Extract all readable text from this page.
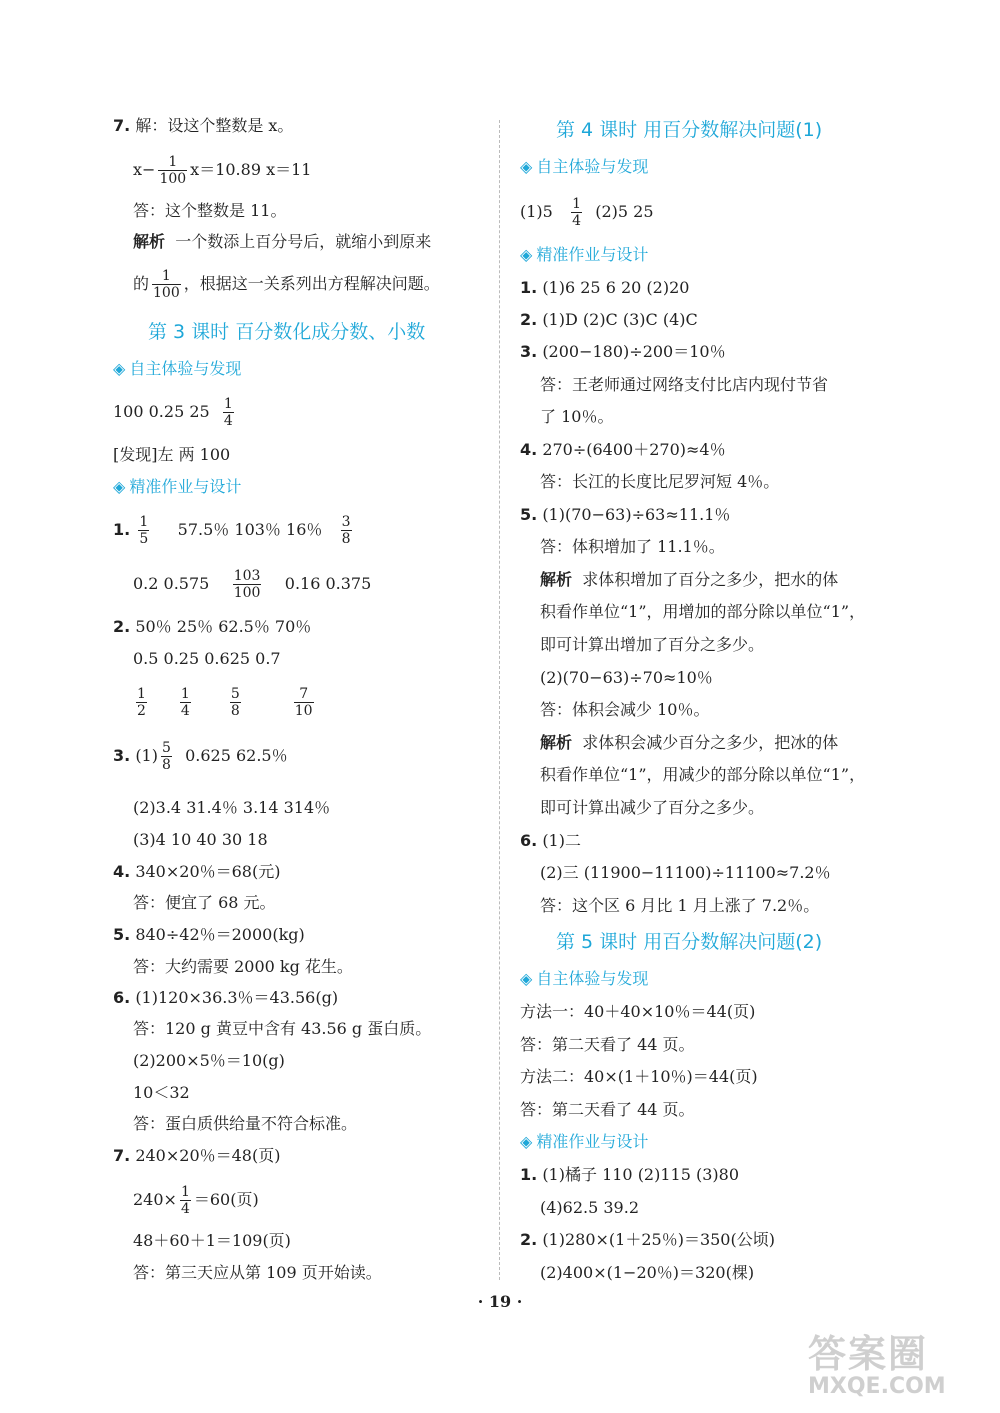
7. 解：设这个整数是 x。
$x- \frac{1}{100} x=10.89$ x＝11
答：这个整数是 11。
解析 一个数添上百分号后，就缩小到原来
的 $\frac{1}{100}$ ，根据这一关系列出方程解决问题。
第 3 课时 百分数化成分数、小数
◈ 自主体验与发现
100 0.25 $25 \frac{1}{4}$
[发现]左 两 100
◈ 精准作业与设计
1. $\frac{1}{5} 57.5$％ 103％ 16％ $\frac{3}{8}$
0.2 $0.575 \frac{103}{100} 0.16$ 0.375
2. 50％ 25％ 62.5％ 70％
0.5 0.25 0.625 0.7
$\frac{1}{2} \frac{1}{4}$	$\frac{5}{8}$	$\frac{7}{10}$
3. $(1) \frac{5}{8} 0.625$ 62.5％
(2)3.4 31.4％ 3.14 314％
(3)4 10 40 30 18
4. 340×20％＝68(元)
答：便宜了 68 元。
5. 840÷42％＝2000(kg)
答：大约需要 2000 kg 花生。
6. (1)120×36.3％＝43.56(g)
答：120 g 黄豆中含有 43.56 g 蛋白质。
(2)200×5％＝10(g)
10＜32
答：蛋白质供给量不符合标准。
7. 240×20％＝48(页)
$240\times \frac{1}{4} =60$(页)
48＋60＋1＝109(页)
答：第三天应从第 109 页开始读。
第 4 课时 用百分数解决问题(1)
◈ 自主体验与发现
$(1)5 \frac{1}{4} (2)5$ 25
◈ 精准作业与设计
1. (1)6 25 6 20 (2)20
2. (1)D (2)C (3)C (4)C
3. (200−180)÷200＝10％
答：王老师通过网络支付比店内现付节省
了 10％。
4. 270÷(6400＋270)≈4％
答：长江的长度比尼罗河短 4％。
5. (1)(70−63)÷63≈11.1％
答：体积增加了 11.1％。
解析 求体积增加了百分之多少，把水的体
积看作单位“1”，用增加的部分除以单位“1”，
即可计算出增加了百分之多少。
(2)(70−63)÷70≈10％
答：体积会减少 10％。
解析 求体积会减少百分之多少，把冰的体
积看作单位“1”，用减少的部分除以单位“1”，
即可计算出减少了百分之多少。
6. (1)二
(2)三 (11900−11100)÷11100≈7.2％
答：这个区 6 月比 1 月上涨了 7.2％。
第 5 课时 用百分数解决问题(2)
◈ 自主体验与发现
方法一：40＋40×10％＝44(页)
答：第二天看了 44 页。
方法二：40×(1＋10％)＝44(页)
答：第二天看了 44 页。
◈ 精准作业与设计
1. (1)橘子 110 (2)115 (3)80
(4)62.5 39.2
2. (1)280×(1＋25％)＝350(公顷)
(2)400×(1−20％)＝320(棵)
· 19 ·
答案圈
MXQE.COM
